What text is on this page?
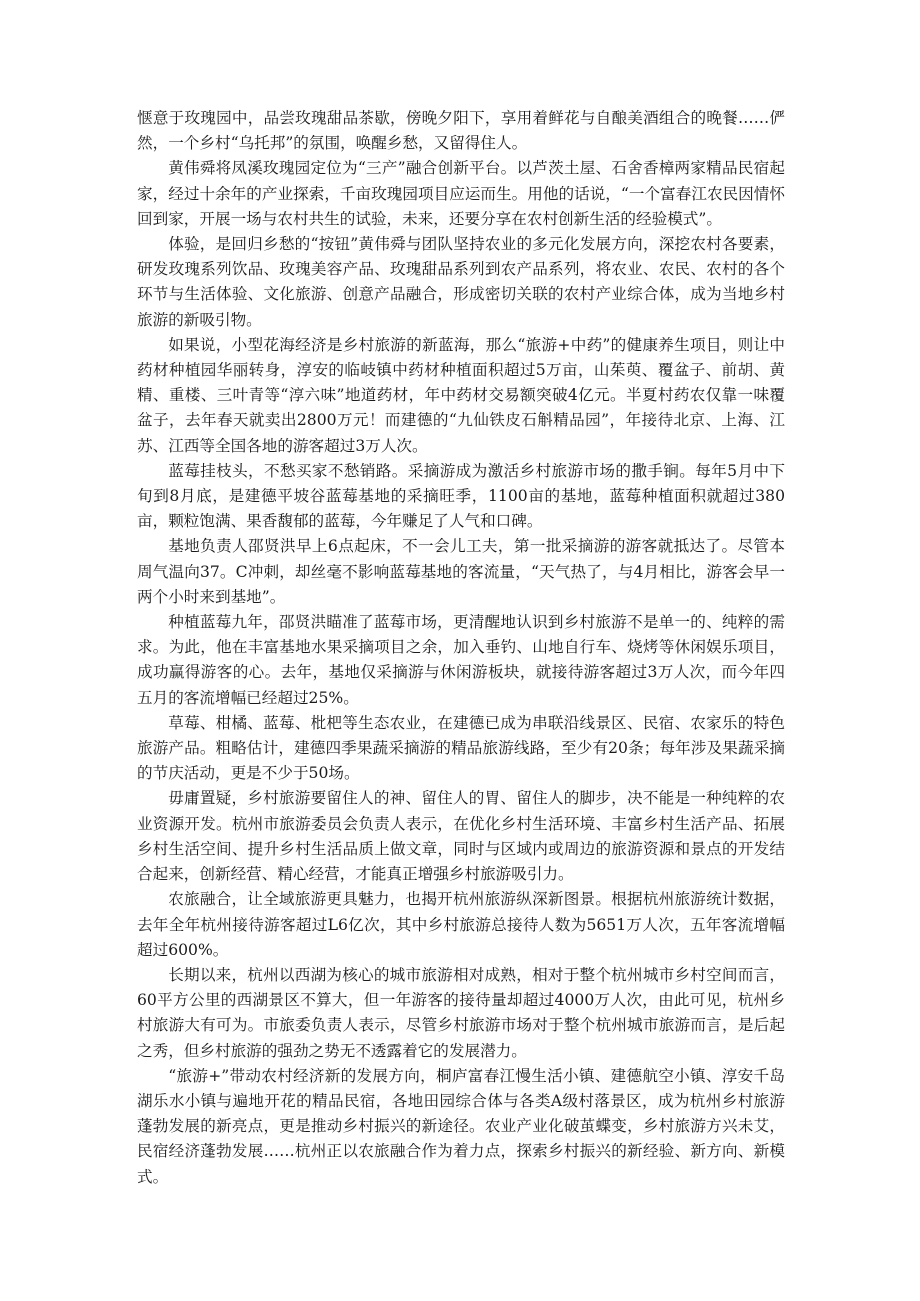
惬意于玫瑰园中，品尝玫瑰甜品茶歇，傍晚夕阳下，享用着鲜花与自酿美酒组合的晚餐……俨然，一个乡村“乌托邦”的氛围，唤醒乡愁，又留得住人。

黄伟舜将凤溪玫瑰园定位为“三产”融合创新平台。以芦茨土屋、石舍香樟两家精品民宿起家，经过十余年的产业探索，千亩玫瑰园项目应运而生。用他的话说，“一个富春江农民因情怀回到家，开展一场与农村共生的试验，未来，还要分享在农村创新生活的经验模式”。

体验，是回归乡愁的“按钮”黄伟舜与团队坚持农业的多元化发展方向，深挖农村各要素，研发玫瑰系列饮品、玫瑰美容产品、玫瑰甜品系列到农产品系列，将农业、农民、农村的各个环节与生活体验、文化旅游、创意产品融合，形成密切关联的农村产业综合体，成为当地乡村旅游的新吸引物。

如果说，小型花海经济是乡村旅游的新蓝海，那么“旅游+中药”的健康养生项目，则让中药材种植园华丽转身，淳安的临岐镇中药材种植面积超过5万亩，山茱萸、覆盆子、前胡、黄精、重楼、三叶青等“淳六味”地道药材，年中药材交易额突破4亿元。半夏村药农仅靠一味覆盆子，去年春天就卖出2800万元！而建德的“九仙铁皮石斛精品园”，年接待北京、上海、江苏、江西等全国各地的游客超过3万人次。

蓝莓挂枝头，不愁买家不愁销路。采摘游成为激活乡村旅游市场的撒手锏。每年5月中下旬到8月底，是建德平坡谷蓝莓基地的采摘旺季，1100亩的基地，蓝莓种植面积就超过380亩，颗粒饱满、果香馥郁的蓝莓，今年赚足了人气和口碑。

基地负责人邵贤洪早上6点起床，不一会儿工夫，第一批采摘游的游客就抵达了。尽管本周气温向37。C冲刺，却丝毫不影响蓝莓基地的客流量，“天气热了，与4月相比，游客会早一两个小时来到基地”。

种植蓝莓九年，邵贤洪瞄准了蓝莓市场，更清醒地认识到乡村旅游不是单一的、纯粹的需求。为此，他在丰富基地水果采摘项目之余，加入垂钓、山地自行车、烧烤等休闲娱乐项目，成功赢得游客的心。去年，基地仅采摘游与休闲游板块，就接待游客超过3万人次，而今年四五月的客流增幅已经超过25%。

草莓、柑橘、蓝莓、枇杷等生态农业，在建德已成为串联沿线景区、民宿、农家乐的特色旅游产品。粗略估计，建德四季果蔬采摘游的精品旅游线路，至少有20条；每年涉及果蔬采摘的节庆活动，更是不少于50场。

毋庸置疑，乡村旅游要留住人的神、留住人的胃、留住人的脚步，决不能是一种纯粹的农业资源开发。杭州市旅游委员会负责人表示，在优化乡村生活环境、丰富乡村生活产品、拓展乡村生活空间、提升乡村生活品质上做文章，同时与区域内或周边的旅游资源和景点的开发结合起来，创新经营、精心经营，才能真正增强乡村旅游吸引力。

农旅融合，让全域旅游更具魅力，也揭开杭州旅游纵深新图景。根据杭州旅游统计数据，去年全年杭州接待游客超过L6亿次，其中乡村旅游总接待人数为5651万人次，五年客流增幅超过600%。

长期以来，杭州以西湖为核心的城市旅游相对成熟，相对于整个杭州城市乡村空间而言，60平方公里的西湖景区不算大，但一年游客的接待量却超过4000万人次，由此可见，杭州乡村旅游大有可为。市旅委负责人表示，尽管乡村旅游市场对于整个杭州城市旅游而言，是后起之秀，但乡村旅游的强劲之势无不透露着它的发展潜力。

“旅游+”带动农村经济新的发展方向，桐庐富春江慢生活小镇、建德航空小镇、淳安千岛湖乐水小镇与遍地开花的精品民宿，各地田园综合体与各类A级村落景区，成为杭州乡村旅游蓬勃发展的新亮点，更是推动乡村振兴的新途径。农业产业化破茧蝶变，乡村旅游方兴未艾，民宿经济蓬勃发展……杭州正以农旅融合作为着力点，探索乡村振兴的新经验、新方向、新模式。
